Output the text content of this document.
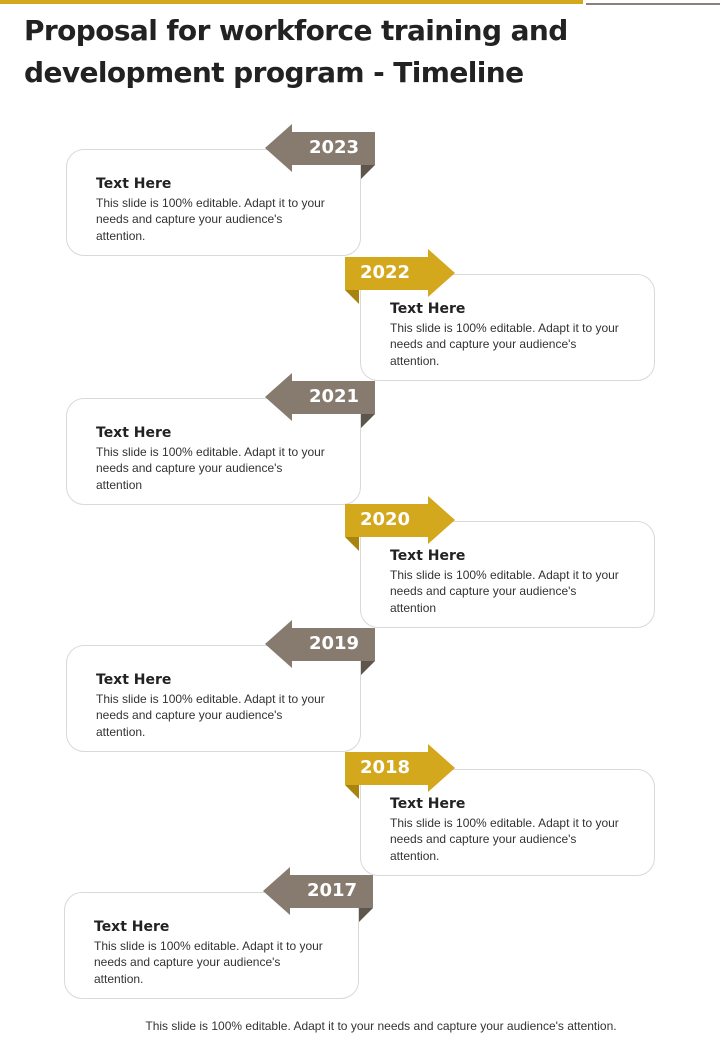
Proposal for workforce training and development program - Timeline
Text Here
This slide is 100% editable. Adapt it to your needs and capture your audience's attention.
2023
Text Here
This slide is 100% editable. Adapt it to your needs and capture your audience's attention.
2022
Text Here
This slide is 100% editable. Adapt it to your needs and capture your audience's attention
2021
Text Here
This slide is 100% editable. Adapt it to your needs and capture your audience's attention
2020
Text Here
This slide is 100% editable. Adapt it to your needs and capture your audience's attention.
2019
Text Here
This slide is 100% editable. Adapt it to your needs and capture your audience's attention.
2018
Text Here
This slide is 100% editable. Adapt it to your needs and capture your audience's attention.
2017
This slide is 100% editable. Adapt it to your needs and capture your audience's attention.
